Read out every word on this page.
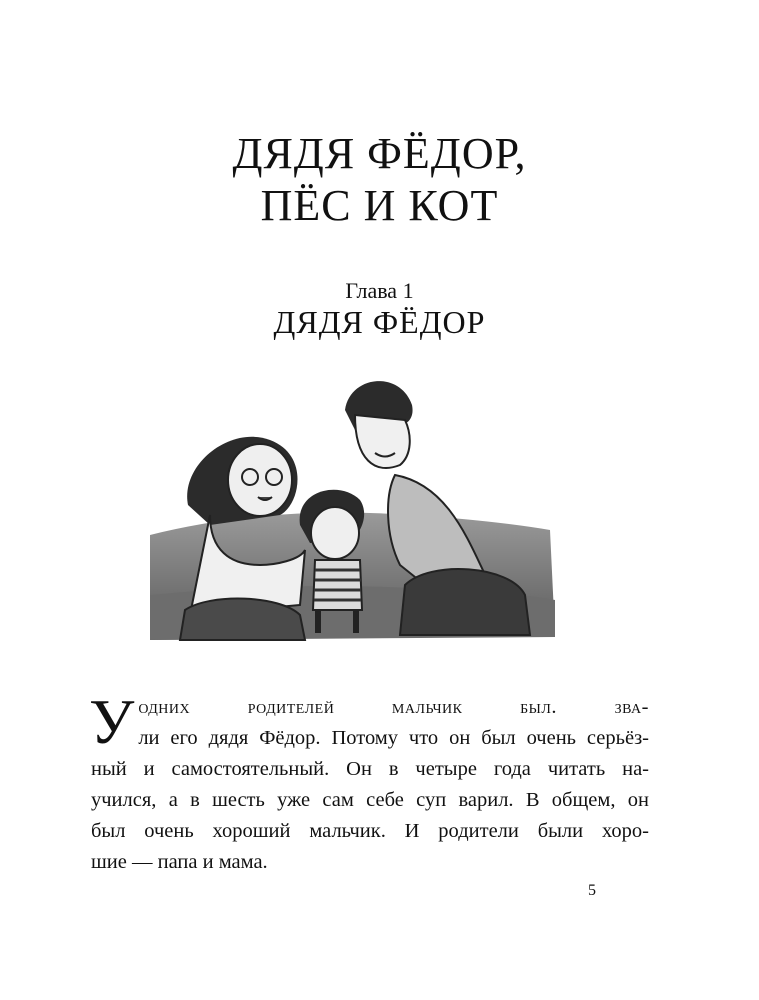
ДЯДЯ ФЁДОР,
ПЁС И КОТ
Глава 1
ДЯДЯ ФЁДОР
У одних родителей мальчик был. зва-
ли его дядя Фёдор. Потому что он был очень серьёз-
ный и самостоятельный. Он в четыре года читать на-
учился, а в шесть уже сам себе суп варил. В общем, он
был очень хороший мальчик. И родители были хоро-
шие — папа и мама.
5
